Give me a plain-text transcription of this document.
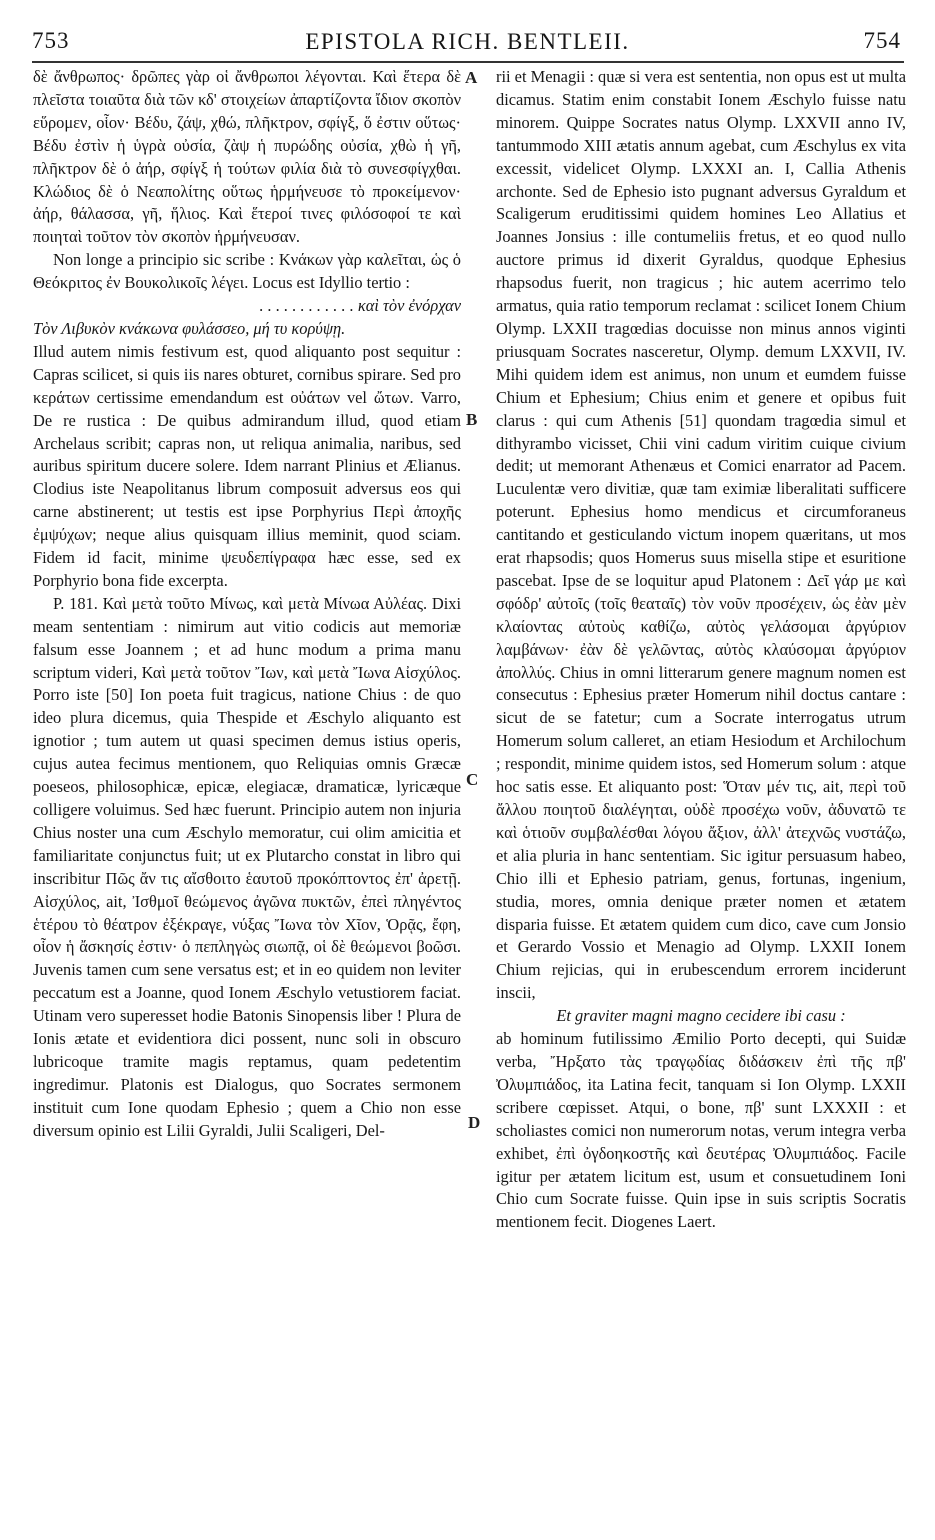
753	EPISTOLA RICH. BENTLEII.	754

δὲ ἄνθρωπος· δρῶπες γὰρ οἱ ἄνθρωποι λέγονται. Καὶ ἕτερα δὲ πλεῖστα τοιαῦτα διὰ τῶν κδ' στοιχείων ἀπαρτίζοντα ἴδιον σκοπὸν εὕρομεν, οἷον· Βέδυ, ζάψ, χθώ, πλῆκτρον, σφίγξ, ὅ ἐστιν οὕτως· Βέδυ ἐστὶν ἡ ὑγρὰ οὐσία, ζὰψ ἡ πυρώδης οὐσία, χθὼ ἡ γῆ, πλῆκτρον δὲ ὁ ἀήρ, σφίγξ ἡ τούτων φιλία διὰ τὸ συνεσφίγχθαι. Κλώδιος δὲ ὁ Νεαπολίτης οὕτως ἡρμήνευσε τὸ προκείμενον· ἀήρ, θάλασσα, γῆ, ἥλιος. Καὶ ἕτεροί τινες φιλόσοφοί τε καὶ ποιηταὶ τοῦτον τὸν σκοπὸν ἡρμήνευσαν.

Non longe a principio sic scribe : Κνάκων γὰρ καλεῖται, ὡς ὁ Θεόκριτος ἐν Βουκολικοῖς λέγει. Locus est Idyllio tertio :

. . . . . . . . . . . . καὶ τὸν ἐνόρχαν

Τὸν Λιβυκὸν κνάκωνα φυλάσσεο, μή τυ κορύψῃ.

Illud autem nimis festivum est, quod aliquanto post sequitur : Capras scilicet, si quis iis nares obturet, cornibus spirare. Sed pro κεράτων certissime emendandum est οὐάτων vel ὤτων. Varro, De re rustica : De quibus admirandum illud, quod etiam Archelaus scribit; capras non, ut reliqua animalia, naribus, sed auribus spiritum ducere solere. Idem narrant Plinius et Ælianus. Clodius iste Neapolitanus librum composuit adversus eos qui carne abstinerent; ut testis est ipse Porphyrius Περὶ ἀποχῆς ἐμψύχων; neque alius quisquam illius meminit, quod sciam. Fidem id facit, minime ψευδεπίγραφα hæc esse, sed ex Porphyrio bona fide excerpta.

P. 181. Καὶ μετὰ τοῦτο Μίνως, καὶ μετὰ Μίνωα Αὐλέας. Dixi meam sententiam : nimirum aut vitio codicis aut memoriæ falsum esse Joannem ; et ad hunc modum a prima manu scriptum videri, Καὶ μετὰ τοῦτον Ἴων, καὶ μετὰ Ἴωνα Αἰσχύλος. Porro iste [50] Ion poeta fuit tragicus, natione Chius : de quo ideo plura dicemus, quia Thespide et Æschylo aliquanto est ignotior ; tum autem ut quasi specimen demus istius operis, cujus autea fecimus mentionem, quo Reliquias omnis Græcæ poeseos, philosophicæ, epicæ, elegiacæ, dramaticæ, lyricæque colligere voluimus. Sed hæc fuerunt. Principio autem non injuria Chius noster una cum Æschylo memoratur, cui olim amicitia et familiaritate conjunctus fuit; ut ex Plutarcho constat in libro qui inscribitur Πῶς ἄν τις αἴσθοιτο ἑαυτοῦ προκόπτοντος ἐπ' ἀρετῇ. Αἰσχύλος, ait, Ἰσθμοῖ θεώμενος ἀγῶνα πυκτῶν, ἐπεὶ πληγέντος ἑτέρου τὸ θέατρον ἐξέκραγε, νύξας Ἴωνα τὸν Χῖον, Ὁρᾷς, ἔφη, οἷον ἡ ἄσκησίς ἐστιν· ὁ πεπληγὼς σιωπᾷ, οἱ δὲ θεώμενοι βοῶσι. Juvenis tamen cum sene versatus est; et in eo quidem non leviter peccatum est a Joanne, quod Ionem Æschylo vetustiorem faciat. Utinam vero superesset hodie Batonis Sinopensis liber ! Plura de Ionis ætate et evidentiora dici possent, nunc soli in obscuro lubricoque tramite magis reptamus, quam pedetentim ingredimur. Platonis est Dialogus, quo Socrates sermonem instituit cum Ione quodam Ephesio ; quem a Chio non esse diversum opinio est Lilii Gyraldi, Julii Scaligeri, Del-

rii et Menagii : quæ si vera est sententia, non opus est ut multa dicamus. Statim enim constabit Ionem Æschylo fuisse natu minorem. Quippe Socrates natus Olymp. LXXVII anno IV, tantummodo XIII ætatis annum agebat, cum Æschylus ex vita excessit, videlicet Olymp. LXXXI an. I, Callia Athenis archonte. Sed de Ephesio isto pugnant adversus Gyraldum et Scaligerum eruditissimi quidem homines Leo Allatius et Joannes Jonsius : ille contumeliis fretus, et eo quod nullo auctore primus id dixerit Gyraldus, quodque Ephesius rhapsodus fuerit, non tragicus ; hic autem acerrimo telo armatus, quia ratio temporum reclamat : scilicet Ionem Chium Olymp. LXXII tragœdias docuisse non minus annos viginti priusquam Socrates nasceretur, Olymp. demum LXXVII, IV. Mihi quidem idem est animus, non unum et eumdem fuisse Chium et Ephesium; Chius enim et genere et opibus fuit clarus : qui cum Athenis [51] quondam tragœdia simul et dithyrambo vicisset, Chii vini cadum viritim cuique civium dedit; ut memorant Athenæus et Comici enarrator ad Pacem. Luculentæ vero divitiæ, quæ tam eximiæ liberalitati sufficere poterunt. Ephesius homo mendicus et circumforaneus cantitando et gesticulando victum inopem quæritans, ut mos erat rhapsodis; quos Homerus suus misella stipe et esuritione pascebat. Ipse de se loquitur apud Platonem : Δεῖ γάρ με καὶ σφόδρ' αὐτοῖς (τοῖς θεαταῖς) τὸν νοῦν προσέχειν, ὡς ἐὰν μὲν κλαίοντας αὐτοὺς καθίζω, αὐτὸς γελάσομαι ἀργύριον λαμβάνων· ἐὰν δὲ γελῶντας, αὐτὸς κλαύσομαι ἀργύριον ἀπολλύς. Chius in omni litterarum genere magnum nomen est consecutus : Ephesius præter Homerum nihil doctus cantare : sicut de se fatetur; cum a Socrate interrogatus utrum Homerum solum calleret, an etiam Hesiodum et Archilochum ; respondit, minime quidem istos, sed Homerum solum : atque hoc satis esse. Et aliquanto post: Ὅταν μέν τις, ait, περὶ τοῦ ἄλλου ποιητοῦ διαλέγηται, οὐδὲ προσέχω νοῦν, ἀδυνατῶ τε καὶ ὁτιοῦν συμβαλέσθαι λόγου ἄξιον, ἀλλ' ἀτεχνῶς νυστάζω, et alia pluria in hanc sententiam. Sic igitur persuasum habeo, Chio illi et Ephesio patriam, genus, fortunas, ingenium, studia, mores, omnia denique præter nomen et ætatem disparia fuisse. Et ætatem quidem cum dico, cave cum Jonsio et Gerardo Vossio et Menagio ad Olymp. LXXII Ionem Chium rejicias, qui in erubescendum errorem inciderunt inscii,

Et graviter magni magno cecidere ibi casu :

ab hominum futilissimo Æmilio Porto decepti, qui Suidæ verba, Ἤρξατο τὰς τραγῳδίας διδάσκειν ἐπὶ τῆς πβ' Ὀλυμπιάδος, ita Latina fecit, tanquam si Ion Olymp. LXXII scribere cœpisset. Atqui, o bone, πβ' sunt LXXXII : et scholiastes comici non numerorum notas, verum integra verba exhibet, ἐπὶ ὀγδοηκοστῆς καὶ δευτέρας Ὀλυμπιάδος. Facile igitur per ætatem licitum est, usum et consuetudinem Ioni Chio cum Socrate fuisse. Quin ipse in suis scriptis Socratis mentionem fecit. Diogenes Laert.

A
B
C
D
